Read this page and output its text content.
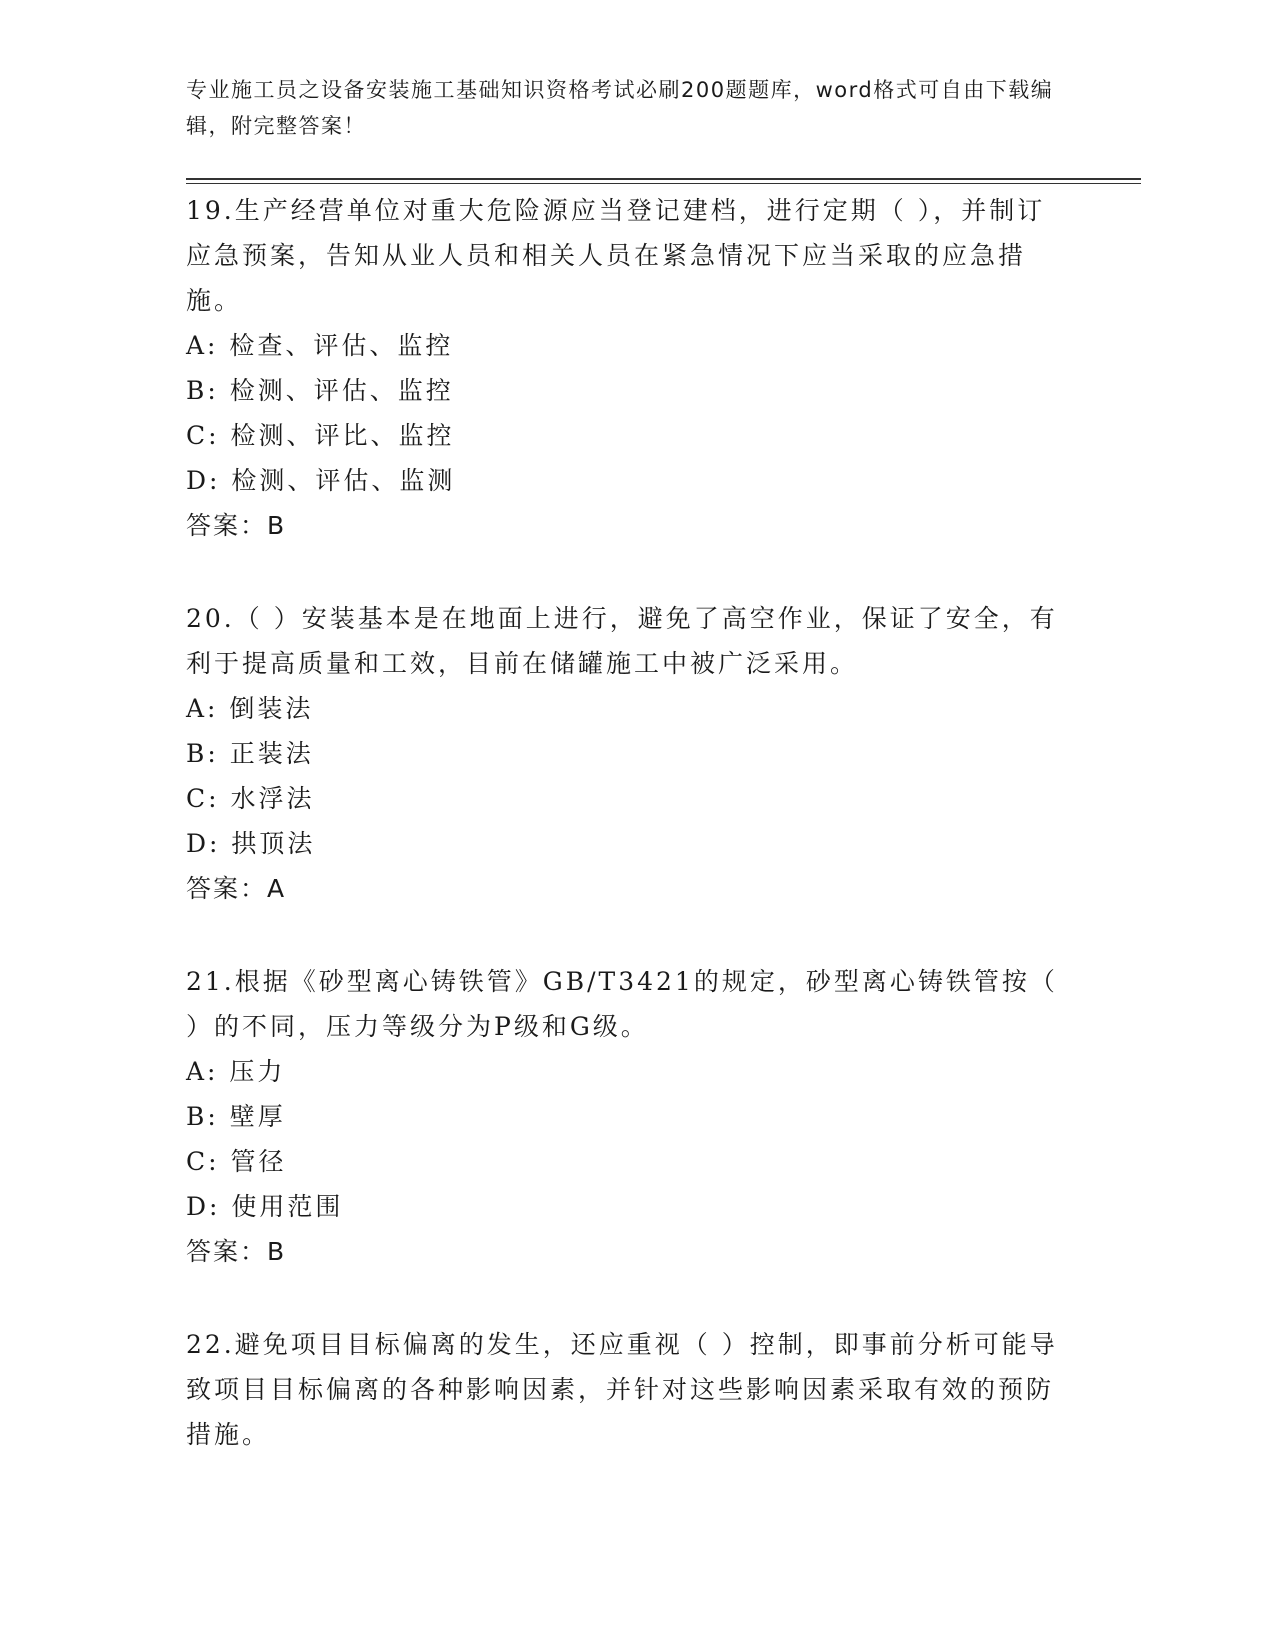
专业施工员之设备安装施工基础知识资格考试必刷200题题库，word格式可自由下载编辑，附完整答案！
19.生产经营单位对重大危险源应当登记建档，进行定期（ ），并制订应急预案，告知从业人员和相关人员在紧急情况下应当采取的应急措施。
A: 检查、评估、监控
B: 检测、评估、监控
C: 检测、评比、监控
D: 检测、评估、监测
答案：B
20.（ ）安装基本是在地面上进行，避免了高空作业，保证了安全，有利于提高质量和工效，目前在储罐施工中被广泛采用。
A: 倒装法
B: 正装法
C: 水浮法
D: 拱顶法
答案：A
21.根据《砂型离心铸铁管》GB/T3421的规定，砂型离心铸铁管按（ ）的不同，压力等级分为P级和G级。
A: 压力
B: 壁厚
C: 管径
D: 使用范围
答案：B
22.避免项目目标偏离的发生，还应重视（ ）控制，即事前分析可能导致项目目标偏离的各种影响因素，并针对这些影响因素采取有效的预防措施。
